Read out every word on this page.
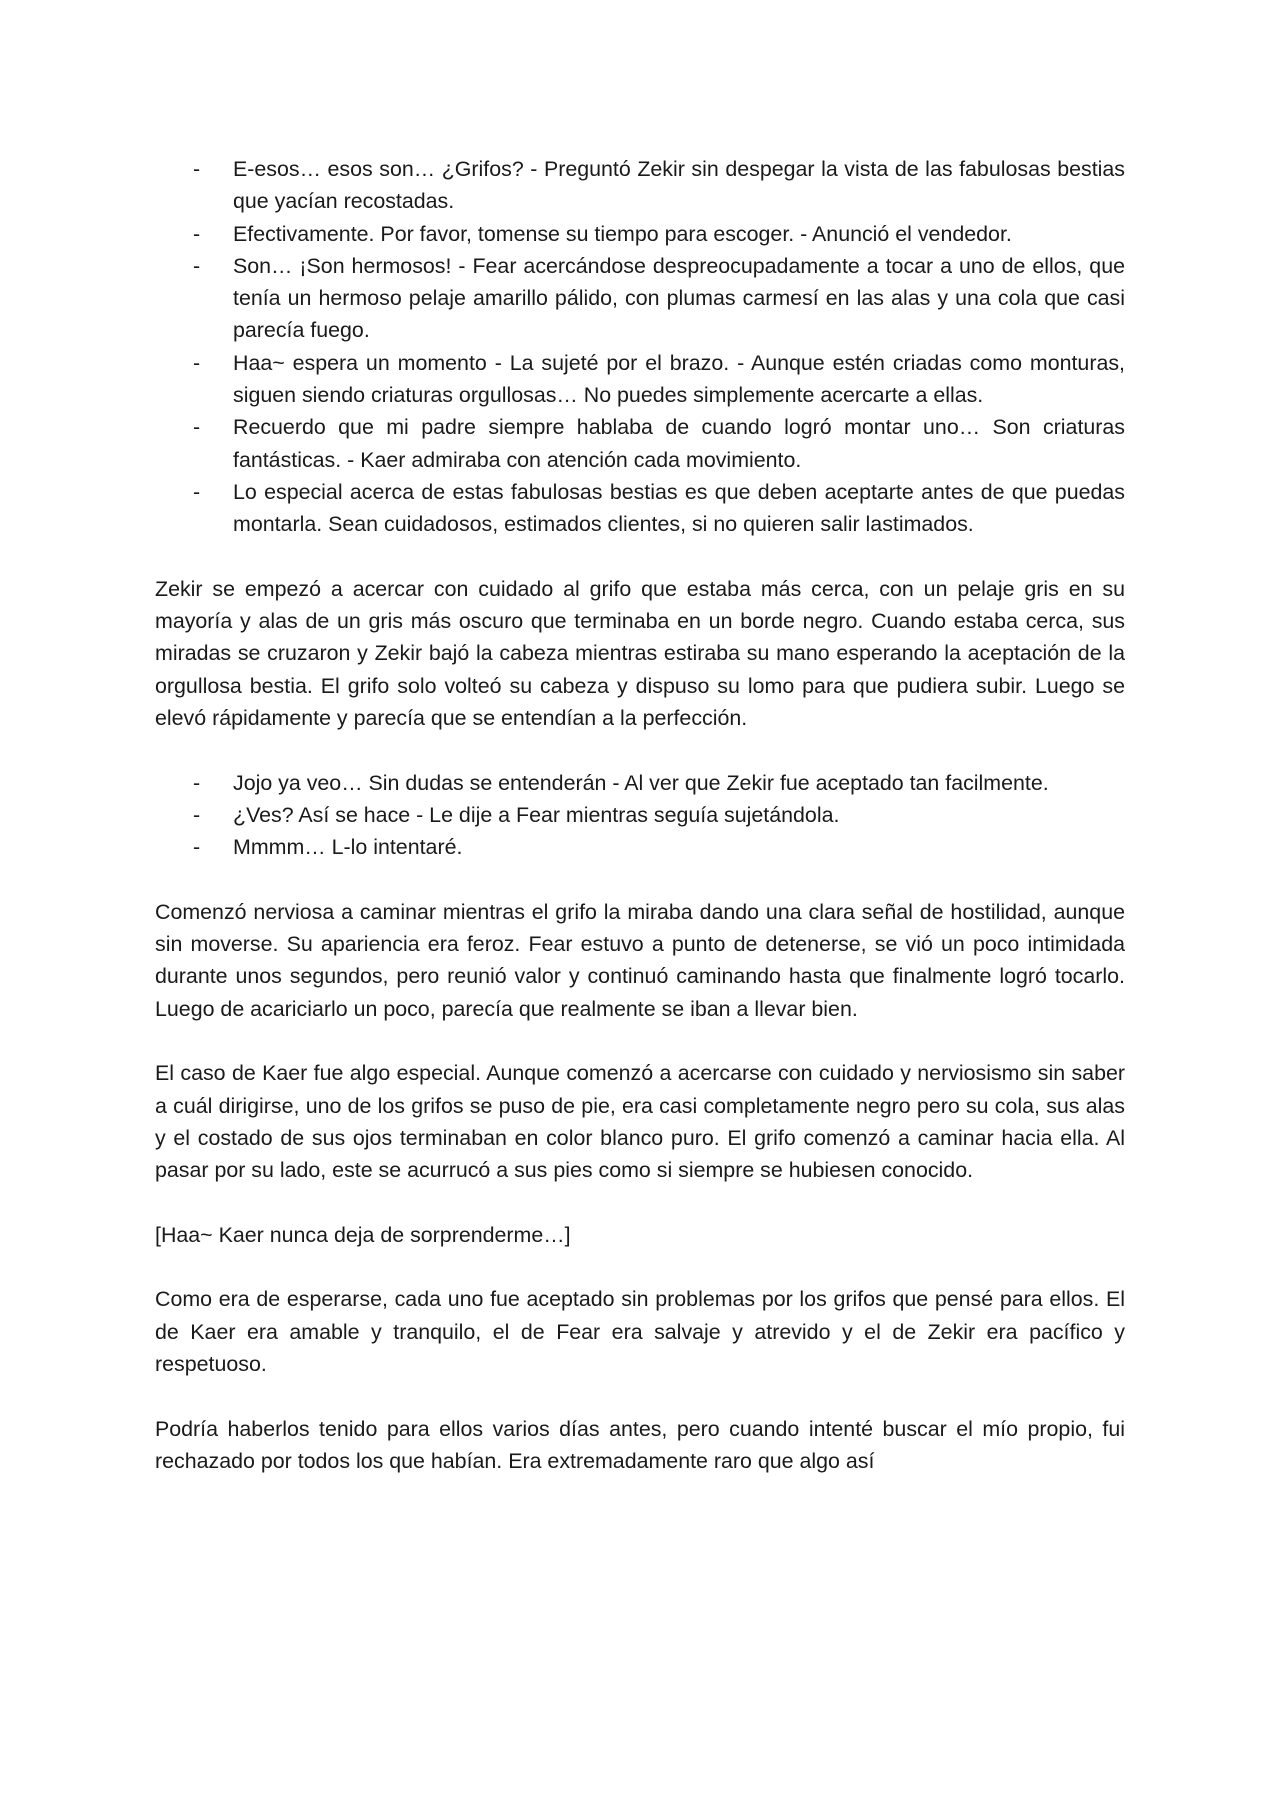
- E-esos… esos son… ¿Grifos? - Preguntó Zekir sin despegar la vista de las fabulosas bestias que yacían recostadas.
- Efectivamente. Por favor, tomense su tiempo para escoger. - Anunció el vendedor.
- Son… ¡Son hermosos! - Fear acercándose despreocupadamente a tocar a uno de ellos, que tenía un hermoso pelaje amarillo pálido, con plumas carmesí en las alas y una cola que casi parecía fuego.
- Haa~ espera un momento - La sujeté por el brazo. - Aunque estén criadas como monturas, siguen siendo criaturas orgullosas… No puedes simplemente acercarte a ellas.
- Recuerdo que mi padre siempre hablaba de cuando logró montar uno… Son criaturas fantásticas. - Kaer admiraba con atención cada movimiento.
- Lo especial acerca de estas fabulosas bestias es que deben aceptarte antes de que puedas montarla. Sean cuidadosos, estimados clientes, si no quieren salir lastimados.

Zekir se empezó a acercar con cuidado al grifo que estaba más cerca, con un pelaje gris en su mayoría y alas de un gris más oscuro que terminaba en un borde negro. Cuando estaba cerca, sus miradas se cruzaron y Zekir bajó la cabeza mientras estiraba su mano esperando la aceptación de la orgullosa bestia. El grifo solo volteó su cabeza y dispuso su lomo para que pudiera subir. Luego se elevó rápidamente y parecía que se entendían a la perfección.

- Jojo ya veo… Sin dudas se entenderán - Al ver que Zekir fue aceptado tan facilmente.
- ¿Ves? Así se hace - Le dije a Fear mientras seguía sujetándola.
- Mmmm… L-lo intentaré.

Comenzó nerviosa a caminar mientras el grifo la miraba dando una clara señal de hostilidad, aunque sin moverse. Su apariencia era feroz. Fear estuvo a punto de detenerse, se vió un poco intimidada durante unos segundos, pero reunió valor y continuó caminando hasta que finalmente logró tocarlo. Luego de acariciarlo un poco, parecía que realmente se iban a llevar bien.

El caso de Kaer fue algo especial. Aunque comenzó a acercarse con cuidado y nerviosismo sin saber a cuál dirigirse, uno de los grifos se puso de pie, era casi completamente negro pero su cola, sus alas y el costado de sus ojos terminaban en color blanco puro. El grifo comenzó a caminar hacia ella. Al pasar por su lado, este se acurrucó a sus pies como si siempre se hubiesen conocido.

[Haa~ Kaer nunca deja de sorprenderme…]

Como era de esperarse, cada uno fue aceptado sin problemas por los grifos que pensé para ellos. El de Kaer era amable y tranquilo, el de Fear era salvaje y atrevido y el de Zekir era pacífico y respetuoso.

Podría haberlos tenido para ellos varios días antes, pero cuando intenté buscar el mío propio, fui rechazado por todos los que habían. Era extremadamente raro que algo así
